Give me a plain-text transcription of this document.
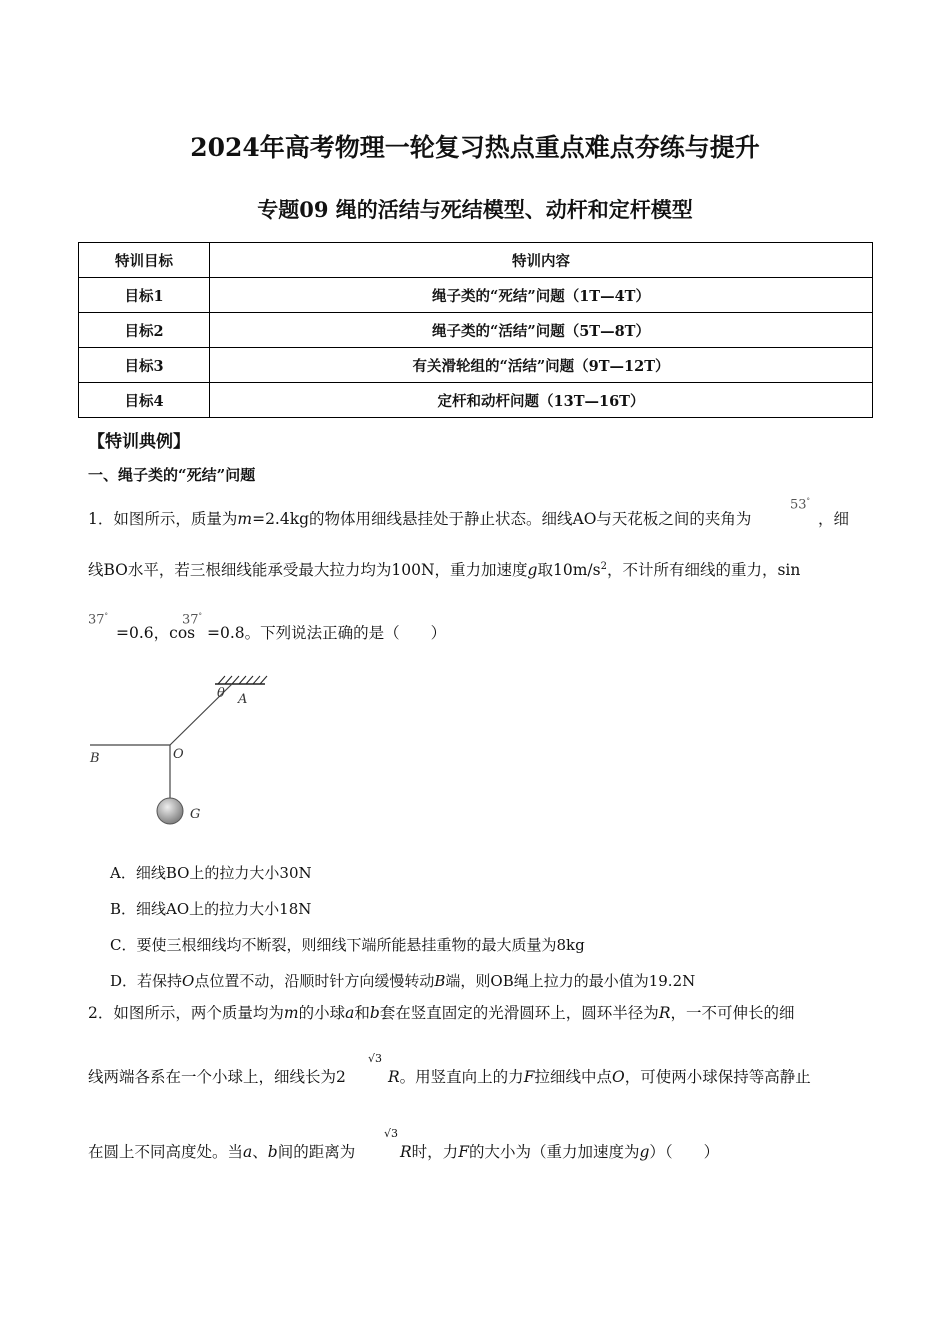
2024年高考物理一轮复习热点重点难点夯练与提升
专题09 绳的活结与死结模型、动杆和定杆模型
特训目标	特训内容
目标1	绳子类的“死结”问题（1T—4T）
目标2	绳子类的“活结”问题（5T—8T）
目标3	有关滑轮组的“活结”问题（9T—12T）
目标4	定杆和动杆问题（13T—16T）
【特训典例】
一、绳子类的“死结”问题
1．如图所示，质量为m=2.4kg的物体用细线悬挂处于静止状态。细线AO与天花板之间的夹角为
53°
，细
线BO水平，若三根细线能承受最大拉力均为100N，重力加速度g取$10m/s^2$，不计所有细线的重力，sin
37°
=0.6，cos
37°
=0.8。下列说法正确的是（　　）
θ A
B	O
G
A．细线BO上的拉力大小30N
B．细线AO上的拉力大小18N
C．要使三根细线均不断裂，则细线下端所能悬挂重物的最大质量为8kg
D．若保持O点位置不动，沿顺时针方向缓慢转动B端，则OB绳上拉力的最小值为19.2N
2．如图所示，两个质量均为m的小球a和b套在竖直固定的光滑圆环上，圆环半径为R，一不可伸长的细
线两端各系在一个小球上，细线长为2
√3
R。用竖直向上的力F拉细线中点O，可使两小球保持等高静止
在圆上不同高度处。当a、b间的距离为
√3
R时，力F的大小为（重力加速度为g）（　　）
